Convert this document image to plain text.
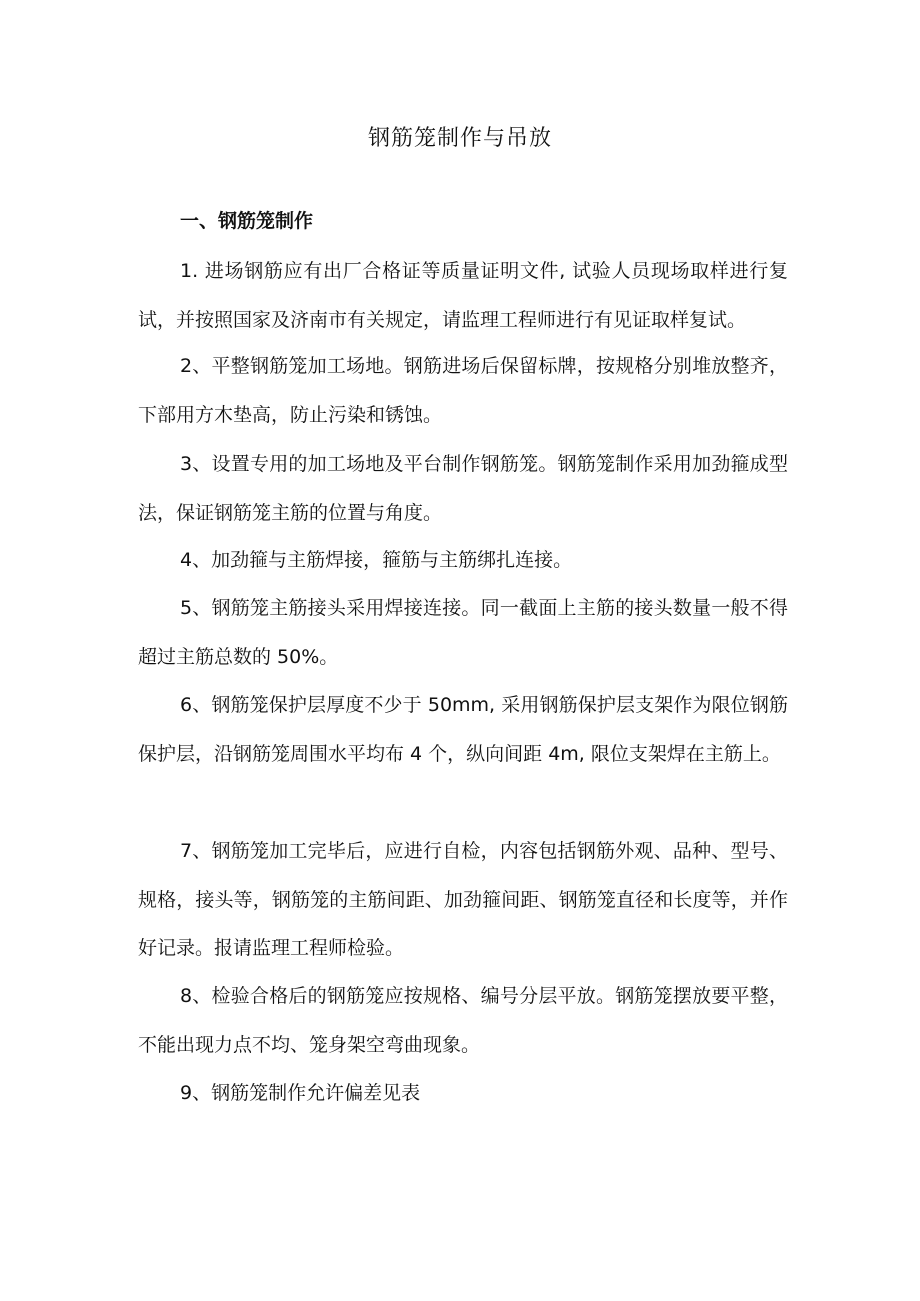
钢筋笼制作与吊放
一、钢筋笼制作

1. 进场钢筋应有出厂合格证等质量证明文件, 试验人员现场取样进行复试，并按照国家及济南市有关规定，请监理工程师进行有见证取样复试。

2、平整钢筋笼加工场地。钢筋进场后保留标牌，按规格分别堆放整齐，下部用方木垫高，防止污染和锈蚀。

3、设置专用的加工场地及平台制作钢筋笼。钢筋笼制作采用加劲箍成型法，保证钢筋笼主筋的位置与角度。

4、加劲箍与主筋焊接，箍筋与主筋绑扎连接。

5、钢筋笼主筋接头采用焊接连接。同一截面上主筋的接头数量一般不得超过主筋总数的 50%。

6、钢筋笼保护层厚度不少于 50mm, 采用钢筋保护层支架作为限位钢筋保护层，沿钢筋笼周围水平均布 4 个，纵向间距 4m, 限位支架焊在主筋上。

7、钢筋笼加工完毕后，应进行自检，内容包括钢筋外观、品种、型号、规格，接头等，钢筋笼的主筋间距、加劲箍间距、钢筋笼直径和长度等，并作好记录。报请监理工程师检验。

8、检验合格后的钢筋笼应按规格、编号分层平放。钢筋笼摆放要平整，不能出现力点不均、笼身架空弯曲现象。

9、钢筋笼制作允许偏差见表
